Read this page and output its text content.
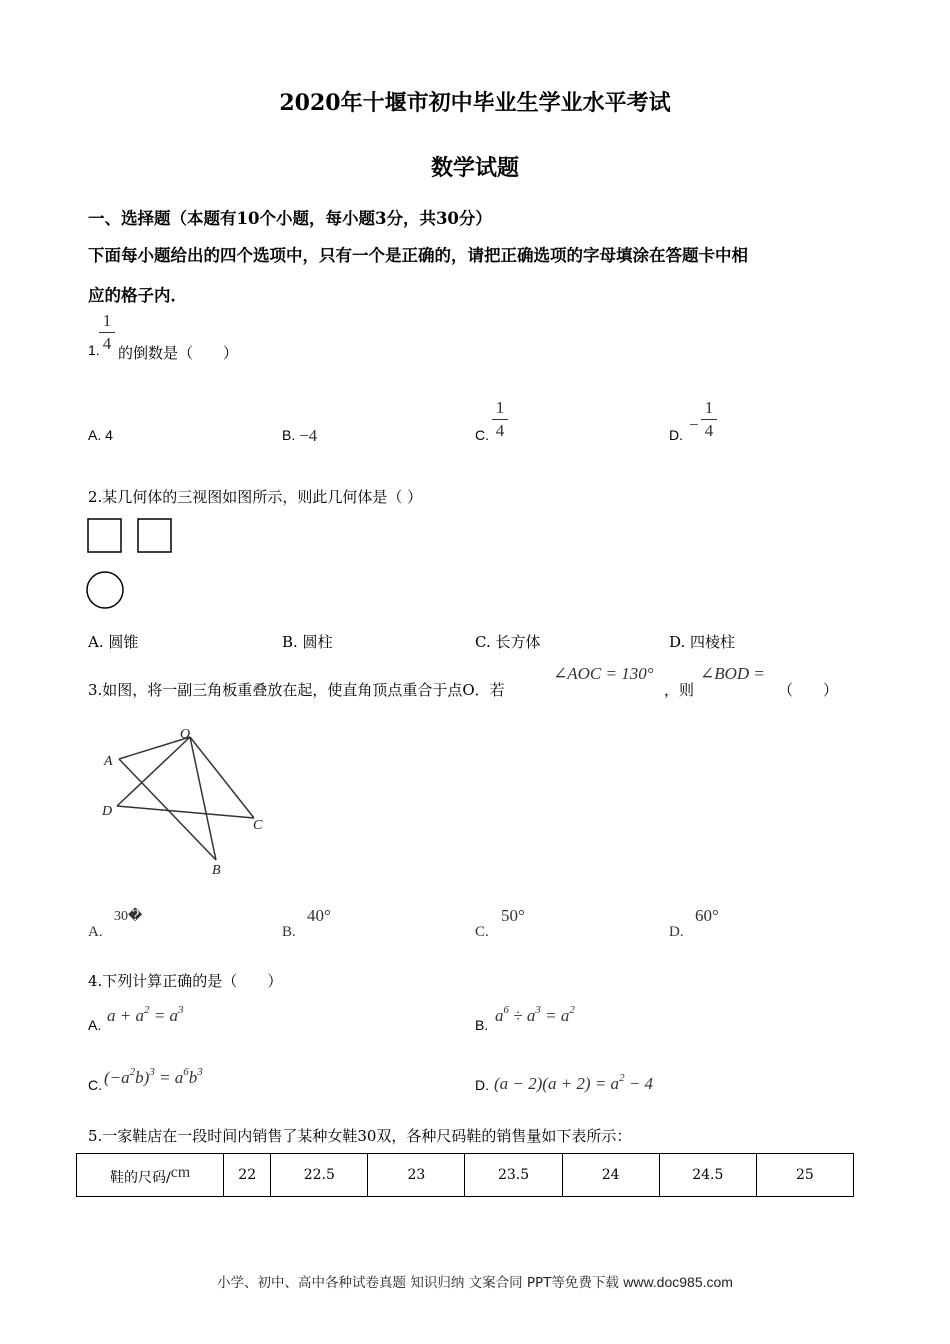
2020年十堰市初中毕业生学业水平考试
数学试题
一、选择题（本题有10个小题，每小题3分，共30分）
下面每小题给出的四个选项中，只有一个是正确的，请把正确选项的字母填涂在答题卡中相
应的格子内．
1.
1
4 的倒数是（　　）
A. 4	B. −4	C.
1
4	D.
−
1
4
2.某几何体的三视图如图所示，则此几何体是（ ）
A. 圆锥	B. 圆柱	C. 长方体	D. 四棱柱
3.如图，将一副三角板重叠放在起，使直角顶点重合于点O．若
∠AOC = 130°
，则
∠BOD =
（　　）
O
A
D
C
B
A.
30�
B.
40°
C.
50°
D.
60°
4.下列计算正确的是（　　）
A. $a + a^2 = a^3$
B. $a^6 \div a^3 = a^2$
C. $(-a^2b)^3 = a^6b^3$
D. $(a - 2)(a + 2) = a^2 - 4$
5.一家鞋店在一段时间内销售了某种女鞋30双，各种尺码鞋的销售量如下表所示：
鞋的尺码/cm	22	22.5	23	23.5	24	24.5	25
小学、初中、高中各种试卷真题 知识归纳 文案合同 PPT等免费下载 www.doc985.com
